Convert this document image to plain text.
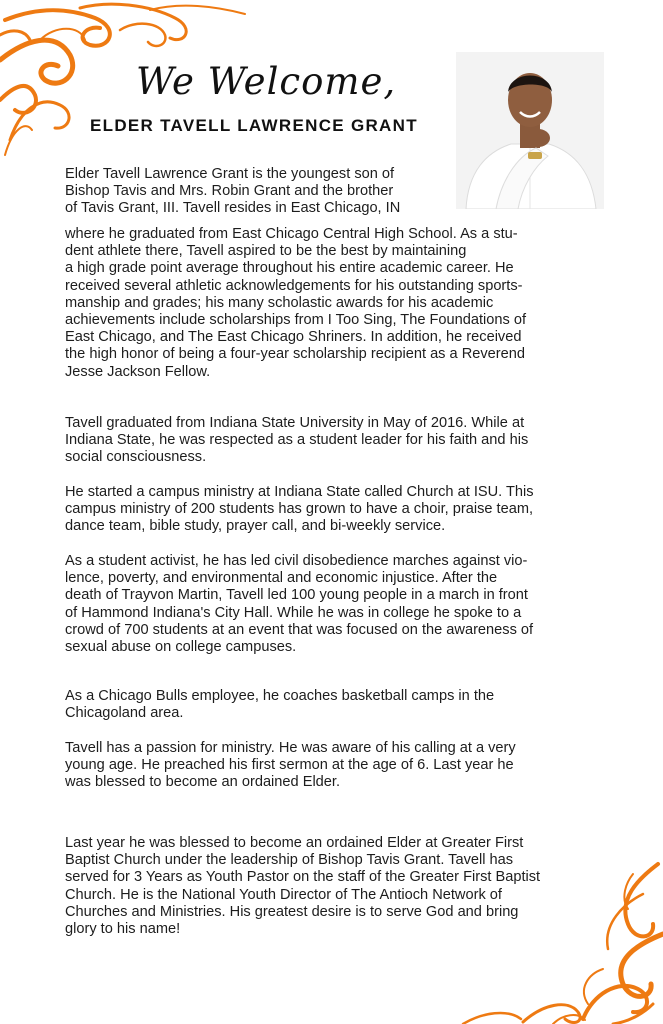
We Welcome,
ELDER TAVELL LAWRENCE GRANT

Elder Tavell Lawrence Grant is the youngest son of
Bishop Tavis and Mrs. Robin Grant and the brother
of Tavis Grant, III. Tavell resides in East Chicago, IN

where he graduated from East Chicago Central High School. As a stu-
dent athlete there, Tavell aspired to be the best by maintaining
a high grade point average throughout his entire academic career. He
received several athletic acknowledgements for his outstanding sports-
manship and grades; his many scholastic awards for his academic
achievements include scholarships from I Too Sing, The Foundations of
East Chicago, and The East Chicago Shriners. In addition, he received
the high honor of being a four-year scholarship recipient as a Reverend
Jesse Jackson Fellow.

Tavell graduated from Indiana State University in May of 2016. While at
Indiana State, he was respected as a student leader for his faith and his
social consciousness.

He started a campus ministry at Indiana State called Church at ISU. This
campus ministry of 200 students has grown to have a choir, praise team,
dance team, bible study, prayer call, and bi-weekly service.

As a student activist, he has led civil disobedience marches against vio-
lence, poverty, and environmental and economic injustice. After the
death of Trayvon Martin, Tavell led 100 young people in a march in front
of Hammond Indiana's City Hall. While he was in college he spoke to a
crowd of 700 students at an event that was focused on the awareness of
sexual abuse on college campuses.

As a Chicago Bulls employee, he coaches basketball camps in the
Chicagoland area.

Tavell has a passion for ministry. He was aware of his calling at a very
young age. He preached his first sermon at the age of 6. Last year he
was blessed to become an ordained Elder.

Last year he was blessed to become an ordained Elder at Greater First
Baptist Church under the leadership of Bishop Tavis Grant. Tavell has
served for 3 Years as Youth Pastor on the staff of the Greater First Baptist
Church. He is the National Youth Director of The Antioch Network of
Churches and Ministries. His greatest desire is to serve God and bring
glory to his name!
